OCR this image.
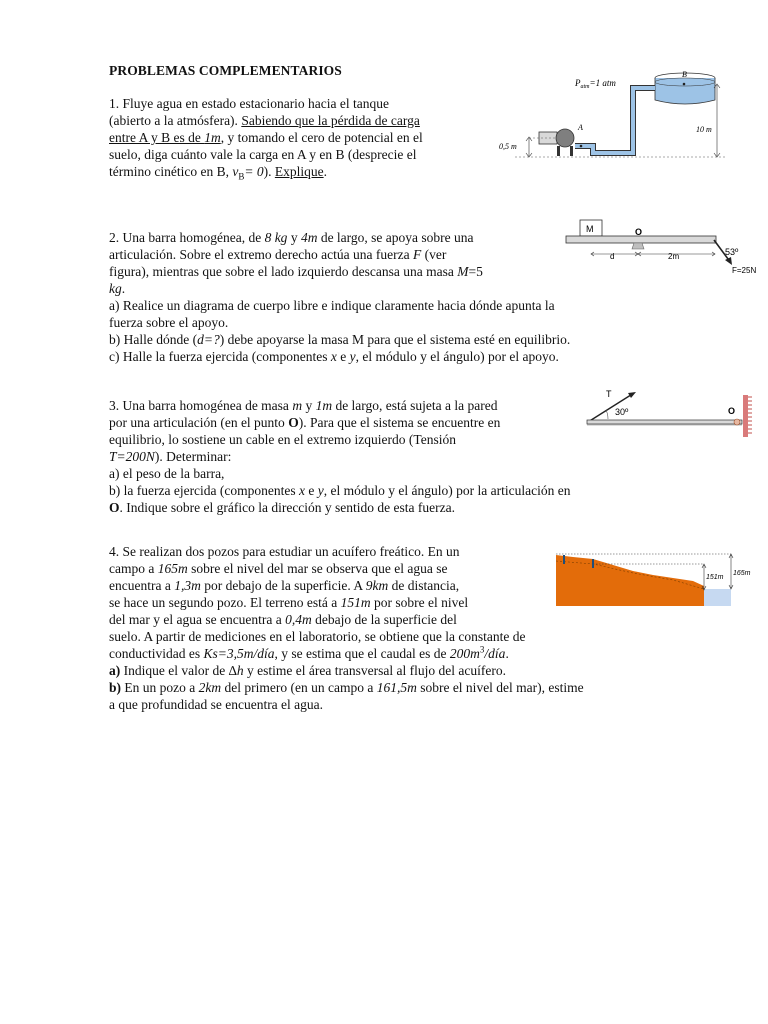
PROBLEMAS COMPLEMENTARIOS

1. Fluye agua en estado estacionario hacia el tanque

(abierto a la atmósfera). Sabiendo que la pérdida de carga

entre A y B es de 1m, y tomando el cero de potencial en el

suelo, diga cuánto vale la carga en A y en B (desprecie el

término cinético en B, $v_B= 0$). Explique.

$P_{atm}=1$ atm
B
A
0,5 m
10 m

2. Una barra homogénea, de 8 kg y 4m de largo, se apoya sobre una

articulación. Sobre el extremo derecho actúa una fuerza F (ver

figura), mientras que sobre el lado izquierdo descansa una masa M=5

kg.

a) Realice un diagrama de cuerpo libre e indique claramente hacia dónde apunta la

fuerza sobre el apoyo.

b) Halle dónde (d=?) debe apoyarse la masa M para que el sistema esté en equilibrio.

c) Halle la fuerza ejercida (componentes x e y, el módulo y el ángulo) por el apoyo.

M	O
d	2m	53º
F=25N

3. Una barra homogénea de masa m y 1m de largo, está sujeta a la pared

por una articulación (en el punto O). Para que el sistema se encuentre en

equilibrio, lo sostiene un cable en el extremo izquierdo (Tensión

T=200N). Determinar:

a) el peso de la barra,

b) la fuerza ejercida (componentes x e y, el módulo y el ángulo) por la articulación en

O. Indique sobre el gráfico la dirección y sentido de esta fuerza.

T
30º	O

4. Se realizan dos pozos para estudiar un acuífero freático. En un

campo a 165m sobre el nivel del mar se observa que el agua se

encuentra a 1,3m por debajo de la superficie. A 9km de distancia,

se hace un segundo pozo. El terreno está a 151m por sobre el nivel

del mar y el agua se encuentra a 0,4m debajo de la superficie del

suelo. A partir de mediciones en el laboratorio, se obtiene que la constante de

conductividad es Ks=3,5m/día, y se estima que el caudal es de $200m^3$/día.

a) Indique el valor de ∆h y estime el área transversal al flujo del acuífero.

b) En un pozo a 2km del primero (en un campo a 161,5m sobre el nivel del mar), estime

a que profundidad se encuentra el agua.

151m
165m
